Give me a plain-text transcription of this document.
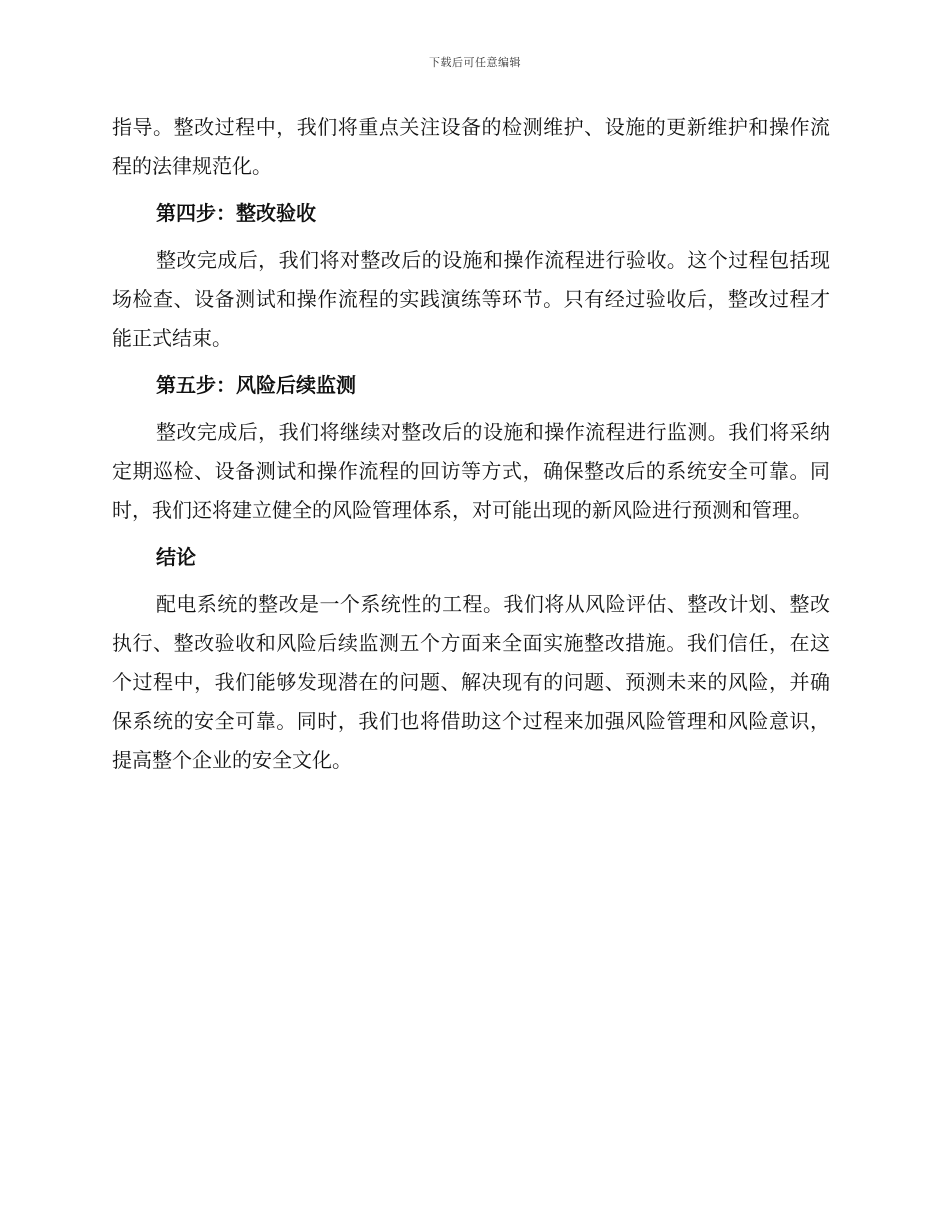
下载后可任意编辑

指导。整改过程中，我们将重点关注设备的检测维护、设施的更新维护和操作流程的法律规范化。

第四步：整改验收

整改完成后，我们将对整改后的设施和操作流程进行验收。这个过程包括现场检查、设备测试和操作流程的实践演练等环节。只有经过验收后，整改过程才能正式结束。

第五步：风险后续监测

整改完成后，我们将继续对整改后的设施和操作流程进行监测。我们将采纳定期巡检、设备测试和操作流程的回访等方式，确保整改后的系统安全可靠。同时，我们还将建立健全的风险管理体系，对可能出现的新风险进行预测和管理。

结论

配电系统的整改是一个系统性的工程。我们将从风险评估、整改计划、整改执行、整改验收和风险后续监测五个方面来全面实施整改措施。我们信任，在这个过程中，我们能够发现潜在的问题、解决现有的问题、预测未来的风险，并确保系统的安全可靠。同时，我们也将借助这个过程来加强风险管理和风险意识，提高整个企业的安全文化。
